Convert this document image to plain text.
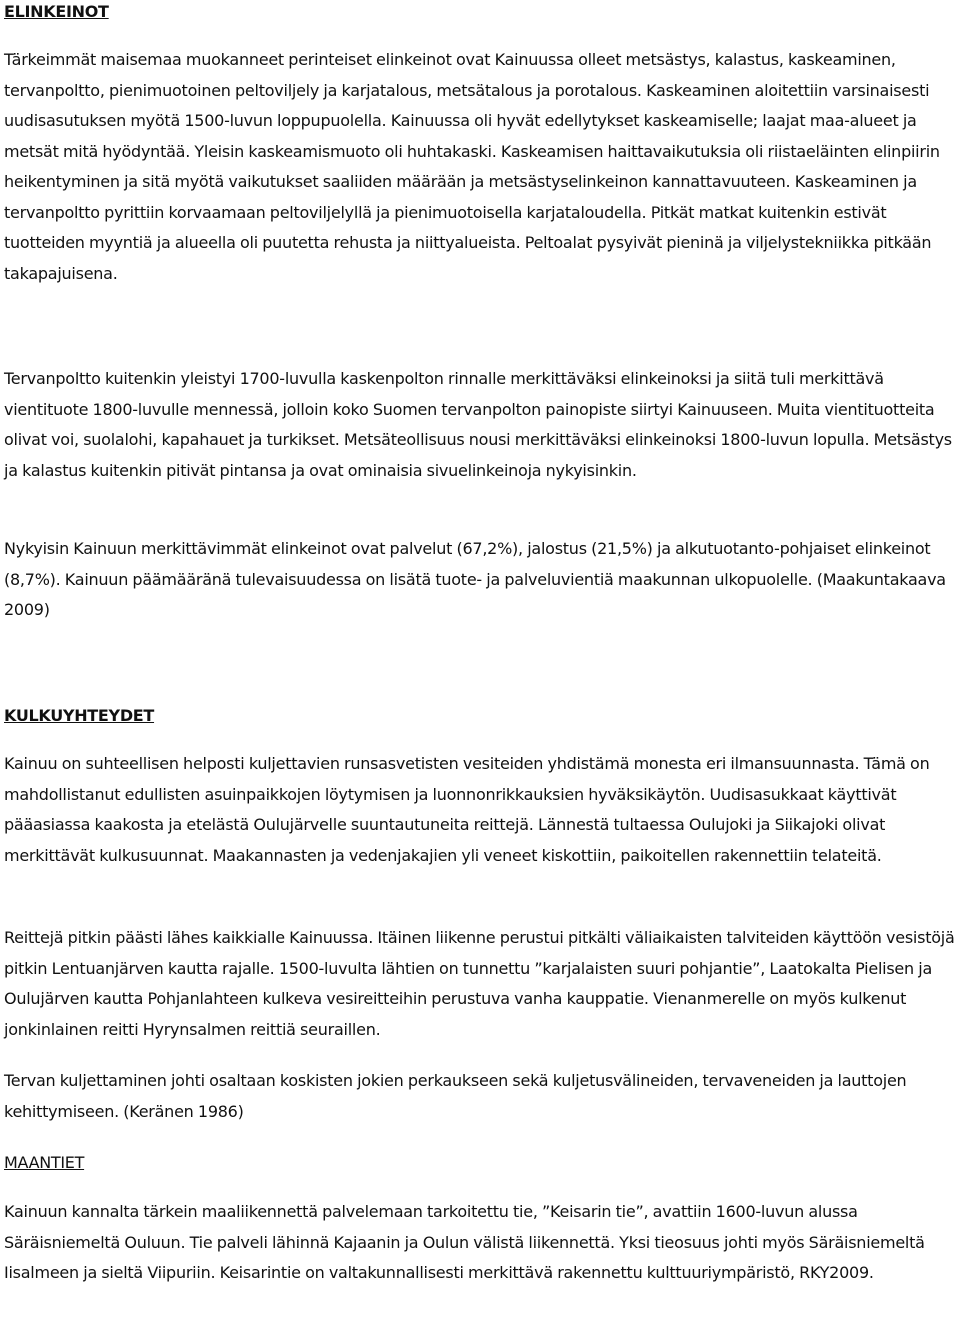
ELINKEINOT

Tärkeimmät maisemaa muokanneet perinteiset elinkeinot ovat Kainuussa olleet metsästys, kalastus, kaskeaminen, tervanpoltto, pienimuotoinen peltoviljely ja karjatalous, metsätalous ja porotalous. Kaskeaminen aloitettiin varsinaisesti uudisasutuksen myötä 1500-luvun loppupuolella. Kainuussa oli hyvät edellytykset kaskeamiselle; laajat maa-alueet ja metsät mitä hyödyntää. Yleisin kaskeamismuoto oli huhtakaski. Kaskeamisen haittavaikutuksia oli riistaeläinten elinpiirin heikentyminen ja sitä myötä vaikutukset saaliiden määrään ja metsästyselinkeinon kannattavuuteen. Kaskeaminen ja tervanpoltto pyrittiin korvaamaan peltoviljelyllä ja pienimuotoisella karjataloudella. Pitkät matkat kuitenkin estivät tuotteiden myyntiä ja alueella oli puutetta rehusta ja niittyalueista. Peltoalat pysyivät pieninä ja viljelystekniikka pitkään takapajuisena.

Tervanpoltto kuitenkin yleistyi 1700-luvulla kaskenpolton rinnalle merkittäväksi elinkeinoksi ja siitä tuli merkittävä vientituote 1800-luvulle mennessä, jolloin koko Suomen tervanpolton painopiste siirtyi Kainuuseen. Muita vientituotteita olivat voi, suolalohi, kapahauet ja turkikset. Metsäteollisuus nousi merkittäväksi elinkeinoksi 1800-luvun lopulla. Metsästys ja kalastus kuitenkin pitivät pintansa ja ovat ominaisia sivuelinkeinoja nykyisinkin.

Nykyisin Kainuun merkittävimmät elinkeinot ovat palvelut (67,2%), jalostus (21,5%) ja alkutuotanto-pohjaiset elinkeinot (8,7%). Kainuun päämääränä tulevaisuudessa on lisätä tuote- ja palveluvientiä maakunnan ulkopuolelle. (Maakuntakaava 2009)

KULKUYHTEYDET

Kainuu on suhteellisen helposti kuljettavien runsasvetisten vesiteiden yhdistämä monesta eri ilmansuunnasta. Tämä on mahdollistanut edullisten asuinpaikkojen löytymisen ja luonnonrikkauksien hyväksikäytön. Uudisasukkaat käyttivät pääasiassa kaakosta ja etelästä Oulujärvelle suuntautuneita reittejä. Lännestä tultaessa Oulujoki ja Siikajoki olivat merkittävät kulkusuunnat. Maakannasten ja vedenjakajien yli veneet kiskottiin, paikoitellen rakennettiin telateitä.

Reittejä pitkin päästi lähes kaikkialle Kainuussa. Itäinen liikenne perustui pitkälti väliaikaisten talviteiden käyttöön vesistöjä pitkin Lentuanjärven kautta rajalle. 1500-luvulta lähtien on tunnettu ”karjalaisten suuri pohjantie”, Laatokalta Pielisen ja Oulujärven kautta Pohjanlahteen kulkeva vesireitteihin perustuva vanha kauppatie. Vienanmerelle on myös kulkenut jonkinlainen reitti Hyrynsalmen reittiä seuraillen.

Tervan kuljettaminen johti osaltaan koskisten jokien perkaukseen sekä kuljetusvälineiden, tervaveneiden ja lauttojen kehittymiseen. (Keränen 1986)

MAANTIET

Kainuun kannalta tärkein maaliikennettä palvelemaan tarkoitettu tie, ”Keisarin tie”, avattiin 1600-luvun alussa Säräisniemeltä Ouluun. Tie palveli lähinnä Kajaanin ja Oulun välistä liikennettä. Yksi tieosuus johti myös Säräisniemeltä Iisalmeen ja sieltä Viipuriin. Keisarintie on valtakunnallisesti merkittävä rakennettu kulttuuriympäristö, RKY2009.
